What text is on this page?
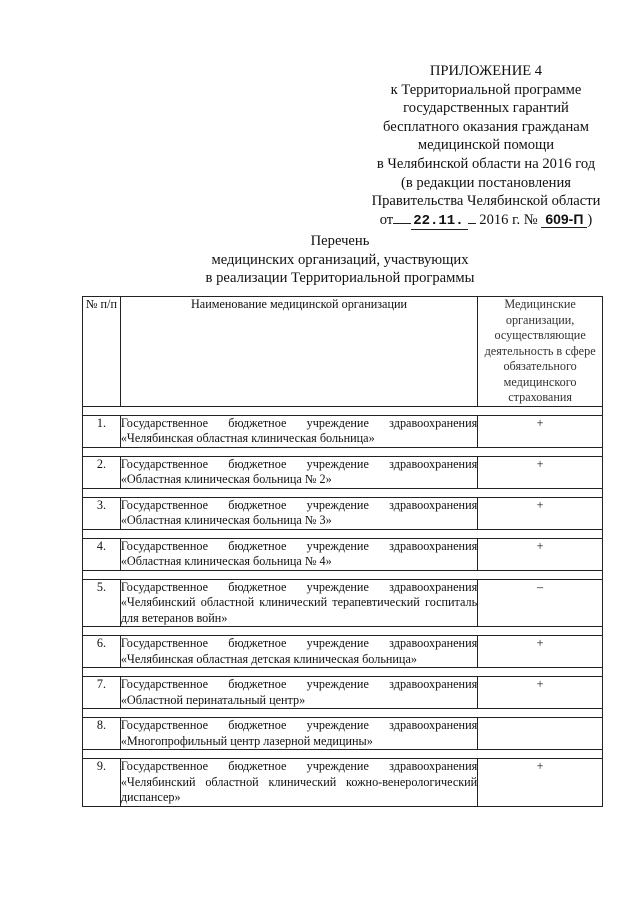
ПРИЛОЖЕНИЕ 4
к Территориальной программе
государственных гарантий
бесплатного оказания гражданам
медицинской помощи
в Челябинской области на 2016 год
(в редакции постановления
Правительства Челябинской области
от 22.11. 2016 г. № 609-П )
Перечень
медицинских организаций, участвующих
в реализации Территориальной программы
№ п/п	Наименование медицинской организации	Медицинские организации, осуществляющие деятельность в сфере обязательного медицинского страхования

1.	Государственное бюджетное учреждение здравоохранения «Челябинская областная клиническая больница»	+

2.	Государственное бюджетное учреждение здравоохранения «Областная клиническая больница № 2»	+

3.	Государственное бюджетное учреждение здравоохранения «Областная клиническая больница № 3»	+

4.	Государственное бюджетное учреждение здравоохранения «Областная клиническая больница № 4»	+

5.	Государственное бюджетное учреждение здравоохранения «Челябинский областной клинический терапевтический госпиталь для ветеранов войн»	–

6.	Государственное бюджетное учреждение здравоохранения «Челябинская областная детская клиническая больница»	+

7.	Государственное бюджетное учреждение здравоохранения «Областной перинатальный центр»	+

8.	Государственное бюджетное учреждение здравоохранения «Многопрофильный центр лазерной медицины»	

9.	Государственное бюджетное учреждение здравоохранения «Челябинский областной клинический кожно-венерологический диспансер»	+
